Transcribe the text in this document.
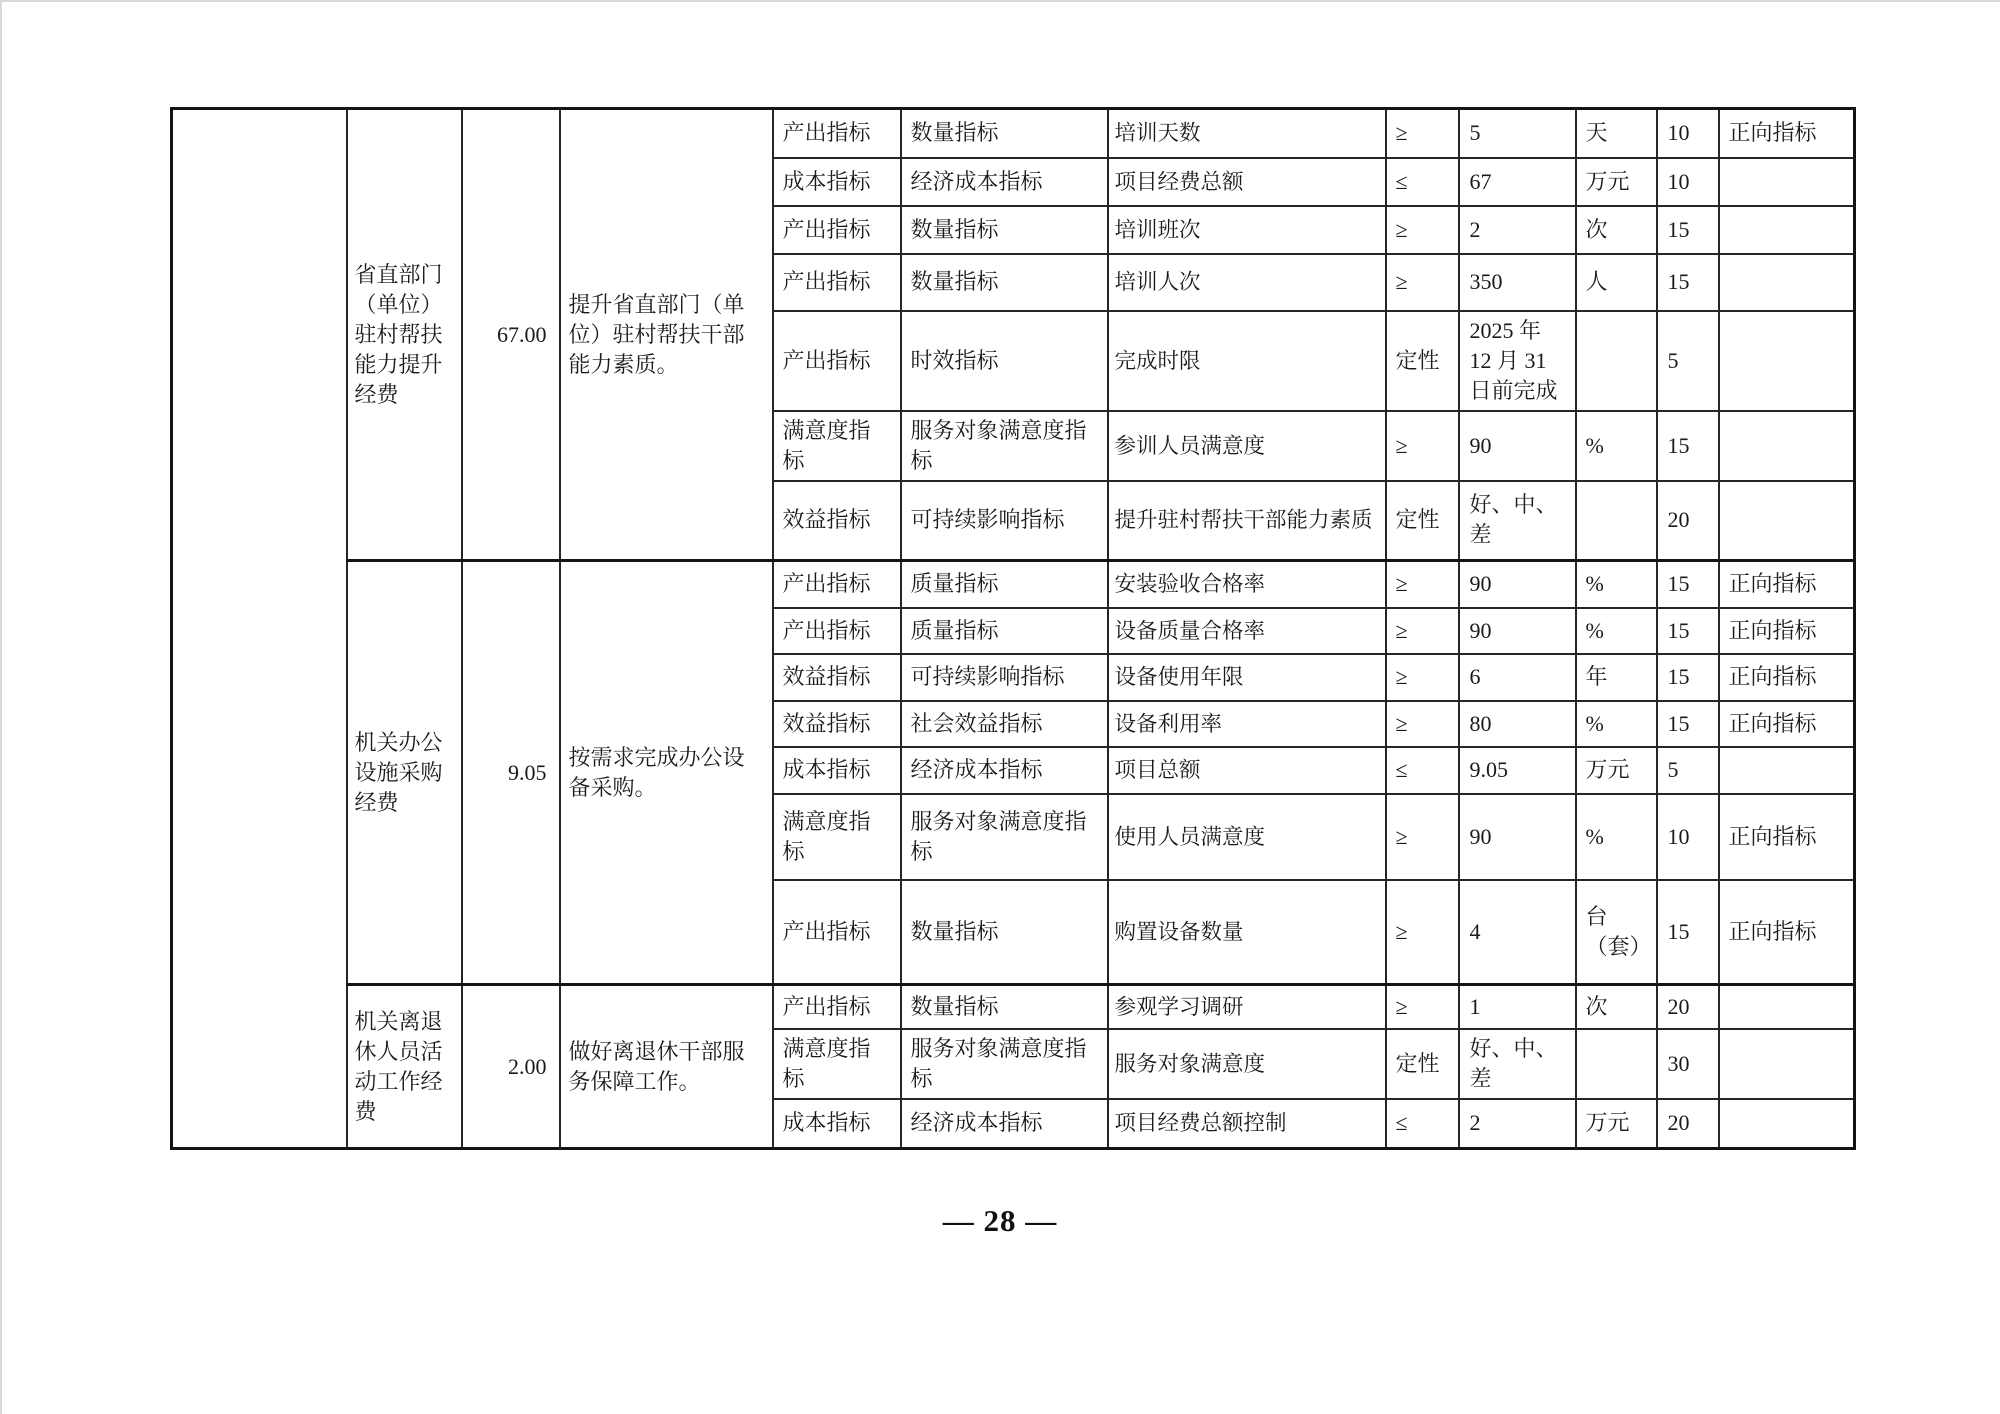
	省直部门（单位）驻村帮扶能力提升经费	67.00	提升省直部门（单位）驻村帮扶干部能力素质。	产出指标	数量指标	培训天数	≥	5	天	10	正向指标
				成本指标	经济成本指标	项目经费总额	≤	67	万元	10	
				产出指标	数量指标	培训班次	≥	2	次	15	
				产出指标	数量指标	培训人次	≥	350	人	15	
				产出指标	时效指标	完成时限	定性	2025 年 12 月 31 日前完成		5	
				满意度指标	服务对象满意度指标	参训人员满意度	≥	90	%	15	
				效益指标	可持续影响指标	提升驻村帮扶干部能力素质	定性	好、中、差		20	
	机关办公设施采购经费	9.05	按需求完成办公设备采购。	产出指标	质量指标	安装验收合格率	≥	90	%	15	正向指标
				产出指标	质量指标	设备质量合格率	≥	90	%	15	正向指标
				效益指标	可持续影响指标	设备使用年限	≥	6	年	15	正向指标
				效益指标	社会效益指标	设备利用率	≥	80	%	15	正向指标
				成本指标	经济成本指标	项目总额	≤	9.05	万元	5	
				满意度指标	服务对象满意度指标	使用人员满意度	≥	90	%	10	正向指标
				产出指标	数量指标	购置设备数量	≥	4	台（套）	15	正向指标
	机关离退休人员活动工作经费	2.00	做好离退休干部服务保障工作。	产出指标	数量指标	参观学习调研	≥	1	次	20	
				满意度指标	服务对象满意度指标	服务对象满意度	定性	好、中、差		30	
				成本指标	经济成本指标	项目经费总额控制	≤	2	万元	20	
— 28 —
